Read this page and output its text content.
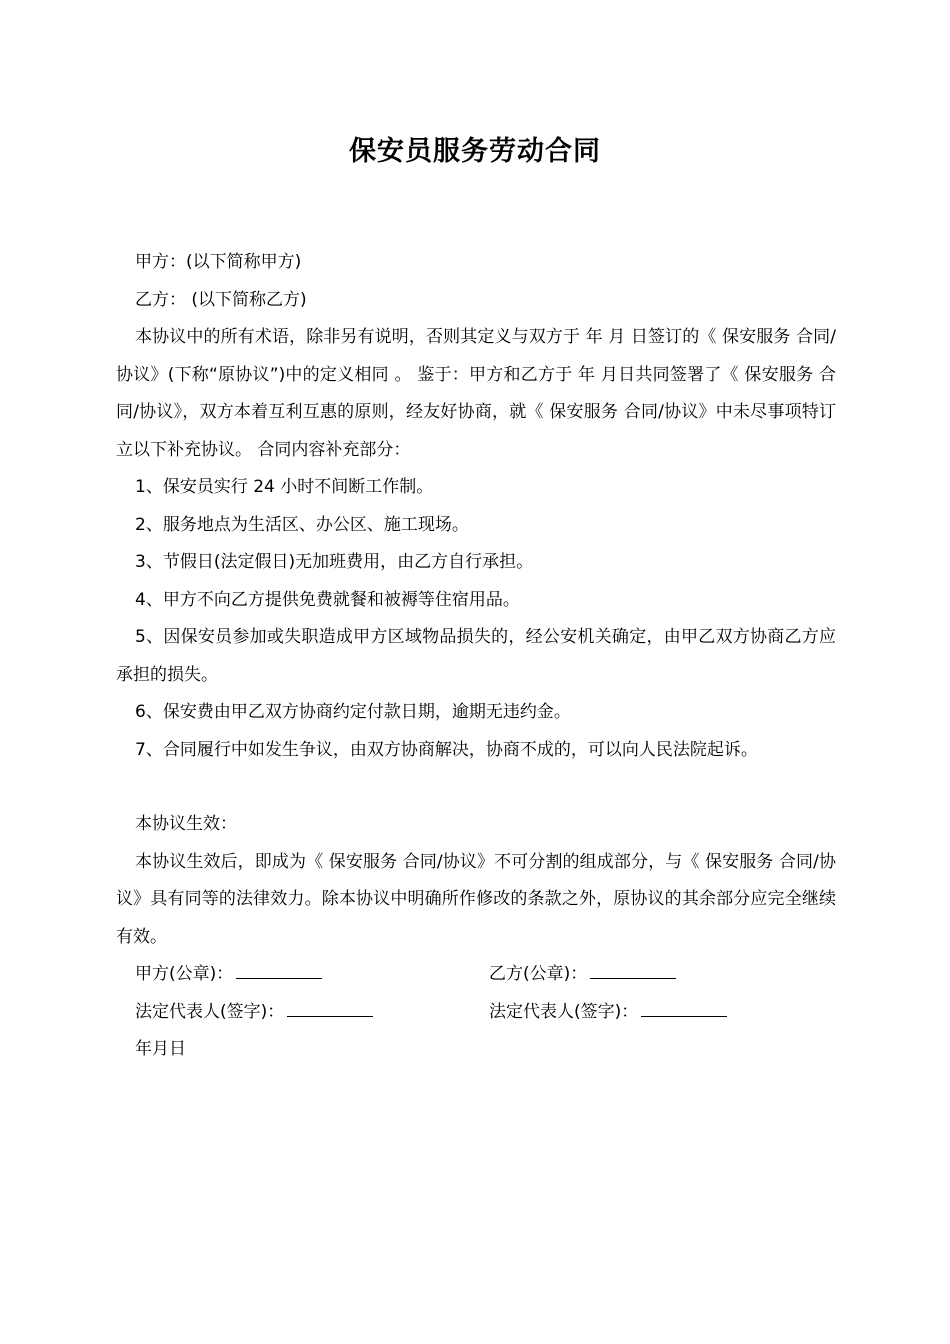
保安员服务劳动合同

甲方：(以下简称甲方)

乙方： (以下简称乙方)

本协议中的所有术语，除非另有说明，否则其定义与双方于 年 月 日签订的《 保安服务 合同/协议》(下称“原协议”)中的定义相同 。 鉴于：甲方和乙方于 年 月日共同签署了《 保安服务 合同/协议》，双方本着互利互惠的原则，经友好协商，就《 保安服务 合同/协议》中未尽事项特订立以下补充协议。 合同内容补充部分：

1、保安员实行 24 小时不间断工作制。

2、服务地点为生活区、办公区、施工现场。

3、节假日(法定假日)无加班费用，由乙方自行承担。

4、甲方不向乙方提供免费就餐和被褥等住宿用品。

5、因保安员参加或失职造成甲方区域物品损失的，经公安机关确定，由甲乙双方协商乙方应承担的损失。

6、保安费由甲乙双方协商约定付款日期，逾期无违约金。

7、合同履行中如发生争议，由双方协商解决，协商不成的，可以向人民法院起诉。

本协议生效：

本协议生效后，即成为《 保安服务 合同/协议》不可分割的组成部分，与《 保安服务 合同/协议》具有同等的法律效力。除本协议中明确所作修改的条款之外，原协议的其余部分应完全继续有效。

甲方(公章)：	乙方(公章)：
法定代表人(签字)：	法定代表人(签字)：

年月日
